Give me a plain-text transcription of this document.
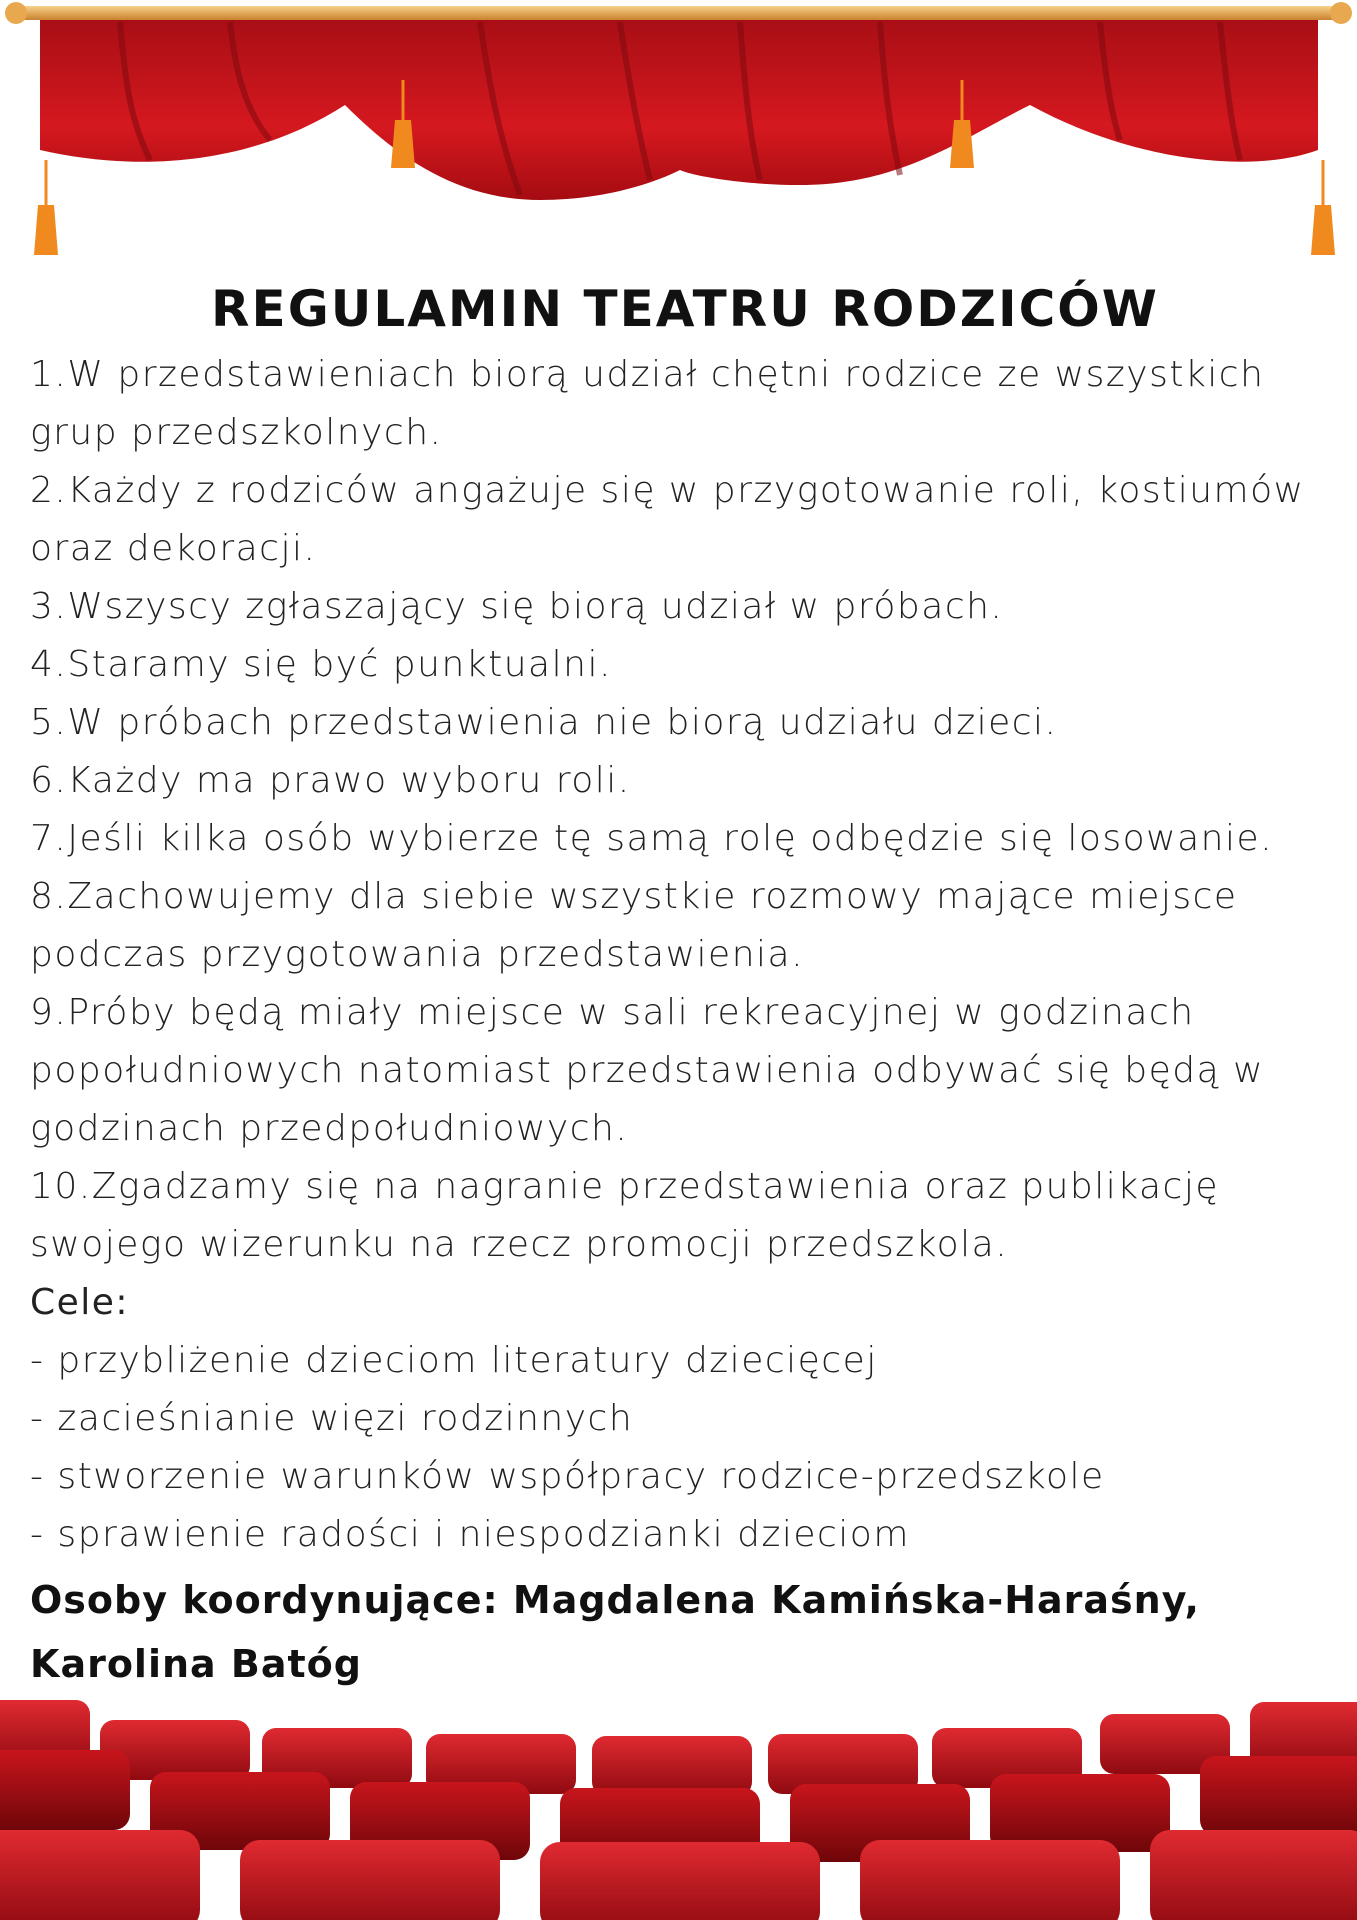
REGULAMIN TEATRU RODZICÓW
1.W przedstawieniach biorą udział chętni rodzice ze wszystkich grup przedszkolnych.
2.Każdy z rodziców angażuje się w przygotowanie roli, kostiumów oraz dekoracji.
3.Wszyscy zgłaszający się biorą udział w próbach.
4.Staramy się być punktualni.
5.W próbach przedstawienia nie biorą udziału dzieci.
6.Każdy ma prawo wyboru roli.
7.Jeśli kilka osób wybierze tę samą rolę odbędzie się losowanie.
8.Zachowujemy dla siebie wszystkie rozmowy mające miejsce podczas przygotowania przedstawienia.
9.Próby będą miały miejsce w sali rekreacyjnej w godzinach popołudniowych natomiast przedstawienia odbywać się będą w godzinach przedpołudniowych.
10.Zgadzamy się na nagranie przedstawienia oraz publikację swojego wizerunku na rzecz promocji przedszkola.
Cele:
- przybliżenie dzieciom literatury dziecięcej
- zacieśnianie więzi rodzinnych
- stworzenie warunków współpracy rodzice-przedszkole
- sprawienie radości i niespodzianki dzieciom
Osoby koordynujące: Magdalena Kamińska-Haraśny, Karolina Batóg
